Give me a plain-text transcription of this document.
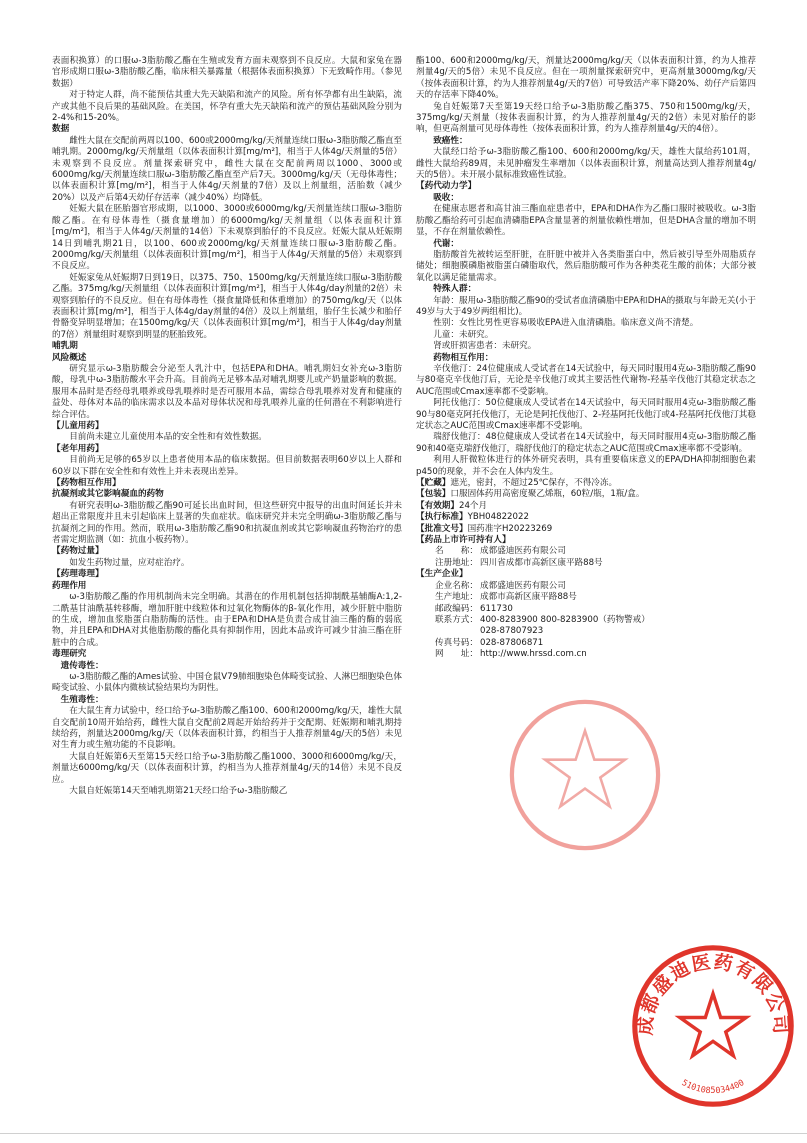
表面积换算）的口服ω-3脂肪酸乙酯在生殖或发育方面未观察到不良反应。大鼠和家兔在器官形成期口服ω-3脂肪酸乙酯，临床相关暴露量（根据体表面积换算）下无致畸作用。（参见数据）

对于特定人群，尚不能预估其重大先天缺陷和流产的风险。所有怀孕都有出生缺陷，流产或其他不良后果的基础风险。在美国，怀孕有重大先天缺陷和流产的预估基础风险分别为2-4%和15-20%。

数据

雌性大鼠在交配前两周以100、600或2000mg/kg/天剂量连续口服ω-3脂肪酸乙酯直至哺乳期。2000mg/kg/天剂量组（以体表面积计算[mg/m²]，相当于人体4g/天剂量的5倍）未观察到不良反应。剂量探索研究中，雌性大鼠在交配前两周以1000、3000或6000mg/kg/天剂量连续口服ω-3脂肪酸乙酯直至产后7天。3000mg/kg/天（无母体毒性；以体表面积计算[mg/m²]，相当于人体4g/天剂量的7倍）及以上剂量组，活胎数（减少20%）以及产后第4天幼仔存活率（减少40%）均降低。

妊娠大鼠在胚胎器官形成期，以1000、3000或6000mg/kg/天剂量连续口服ω-3脂肪酸乙酯。在有母体毒性（摄食量增加）的6000mg/kg/天剂量组（以体表面积计算[mg/m²]，相当于人体4g/天剂量的14倍）下未观察到胎仔的不良反应。妊娠大鼠从妊娠期14日到哺乳期21日，以100、600或2000mg/kg/天剂量连续口服ω-3脂肪酸乙酯。2000mg/kg/天剂量组（以体表面积计算[mg/m²]，相当于人体4g/天剂量的5倍）未观察到不良反应。

妊娠家兔从妊娠期7日到19日，以375、750、1500mg/kg/天剂量连续口服ω-3脂肪酸乙酯。375mg/kg/天剂量组（以体表面积计算[mg/m²]，相当于人体4g/day剂量的2倍）未观察到胎仔的不良反应。但在有母体毒性（摄食量降低和体重增加）的750mg/kg/天（以体表面积计算[mg/m²]，相当于人体4g/day剂量的4倍）及以上剂量组，胎仔生长减少和胎仔骨骼变异明显增加；在1500mg/kg/天（以体表面积计算[mg/m²]，相当于人体4g/day剂量的7倍）剂量组时观察到明显的胚胎致死。

哺乳期

风险概述

研究显示ω-3脂肪酸会分泌至人乳汁中，包括EPA和DHA。哺乳期妇女补充ω-3脂肪酸，母乳中ω-3脂肪酸水平会升高。目前尚无足够本品对哺乳期婴儿或产奶量影响的数据。服用本品时是否经母乳喂养或母乳喂养时是否可服用本品，需综合母乳喂养对发育和健康的益处、母体对本品的临床需求以及本品对母体状况和母乳喂养儿童的任何潜在不利影响进行综合评估。

【儿童用药】

目前尚未建立儿童使用本品的安全性和有效性数据。

【老年用药】

目前尚无足够的65岁以上患者使用本品的临床数据。但目前数据表明60岁以上人群和60岁以下群在安全性和有效性上并未表现出差异。

【药物相互作用】

抗凝剂或其它影响凝血的药物

有研究表明ω-3脂肪酸乙酯90可延长出血时间，但这些研究中报导的出血时间延长并未超出正常限度并且未引起临床上显著的失血症状。临床研究并未完全明确ω-3脂肪酸乙酯与抗凝剂之间的作用。然而，联用ω-3脂肪酸乙酯90和抗凝血剂或其它影响凝血药物治疗的患者需定期监测（如：抗血小板药物）。

【药物过量】

如发生药物过量，应对症治疗。

【药理毒理】

药理作用

ω-3脂肪酸乙酯的作用机制尚未完全明确。其潜在的作用机制包括抑制酰基辅酶A:1,2-二酰基甘油酰基转移酶，增加肝脏中线粒体和过氧化物酶体的β-氧化作用，减少肝脏中脂肪的生成，增加血浆脂蛋白脂肪酶的活性。由于EPA和DHA是负责合成甘油三酯的酶的弱底物，并且EPA和DHA对其他脂肪酸的酯化具有抑制作用，因此本品或许可减少甘油三酯在肝脏中的合成。

毒理研究

遗传毒性：

ω-3脂肪酸乙酯的Ames试验、中国仓鼠V79肺细胞染色体畸变试验、人淋巴细胞染色体畸变试验、小鼠体内微核试验结果均为阴性。

生殖毒性：

在大鼠生育力试验中，经口给予ω-3脂肪酸乙酯100、600和2000mg/kg/天，雄性大鼠自交配前10周开始给药，雌性大鼠自交配前2周起开始给药并于交配期、妊娠期和哺乳期持续给药，剂量达2000mg/kg/天（以体表面积计算，约相当于人推荐剂量4g/天的5倍）未见对生育力或生殖功能的不良影响。

大鼠自妊娠第6天至第15天经口给予ω-3脂肪酸乙酯1000、3000和6000mg/kg/天，剂量达6000mg/kg/天（以体表面积计算，约相当为人推荐剂量4g/天的14倍）未见不良反应。

大鼠自妊娠第14天至哺乳期第21天经口给予ω-3脂肪酸乙

酯100、600和2000mg/kg/天，剂量达2000mg/kg/天（以体表面积计算，约为人推荐剂量4g/天的5倍）未见不良反应。但在一项剂量探索研究中，更高剂量3000mg/kg/天（按体表面积计算，约为人推荐剂量4g/天的7倍）可导致活产率下降20%、幼仔产后第四天的存活率下降40%。

兔自妊娠第7天至第19天经口给予ω-3脂肪酸乙酯375、750和1500mg/kg/天，375mg/kg/天剂量（按体表面积计算，约为人推荐剂量4g/天的2倍）未见对胎仔的影响，但更高剂量可见母体毒性（按体表面积计算，约为人推荐剂量4g/天的4倍）。

致癌性：

大鼠经口给予ω-3脂肪酸乙酯100、600和2000mg/kg/天，雄性大鼠给药101周，雌性大鼠给药89周，未见肿瘤发生率增加（以体表面积计算，剂量高达到人推荐剂量4g/天的5倍）。未开展小鼠标准致癌性试验。

【药代动力学】

吸收：

在健康志愿者和高甘油三酯血症患者中，EPA和DHA作为乙酯口服时被吸收。ω-3脂肪酸乙酯给药可引起血清磷脂EPA含量显著的剂量依赖性增加，但是DHA含量的增加不明显，不存在剂量依赖性。

代谢：

脂肪酸首先被转运至肝脏，在肝脏中被并入各类脂蛋白中，然后被引导至外周脂质存储处；细胞膜磷脂被脂蛋白磷脂取代，然后脂肪酸可作为各种类花生酸的前体；大部分被氧化以满足能量需求。

特殊人群：

年龄：服用ω-3脂肪酸乙酯90的受试者血清磷脂中EPA和DHA的摄取与年龄无关(小于49岁与大于49岁两组相比)。

性别：女性比男性更容易吸收EPA进入血清磷脂。临床意义尚不清楚。

儿童：未研究。

肾或肝损害患者：未研究。

药物相互作用：

辛伐他汀：24位健康成人受试者在14天试验中，每天同时服用4克ω-3脂肪酸乙酯90与80毫克辛伐他汀后，无论是辛伐他汀或其主要活性代谢物-羟基辛伐他汀其稳定状态之AUC范围或Cmax速率都不受影响。

阿托伐他汀：50位健康成人受试者在14天试验中，每天同时服用4克ω-3脂肪酸乙酯90与80毫克阿托伐他汀，无论是阿托伐他汀、2-羟基阿托伐他汀或4-羟基阿托伐他汀其稳定状态之AUC范围或Cmax速率都不受影响。

瑞舒伐他汀：48位健康成人受试者在14天试验中，每天同时服用4克ω-3脂肪酸乙酯90和40毫克瑞舒伐他汀，瑞舒伐他汀的稳定状态之AUC范围或Cmax速率都不受影响。

利用人肝微粒体进行的体外研究表明，具有重要临床意义的EPA/DHA抑制细胞色素p450的现象，并不会在人体内发生。

【贮藏】遮光，密封，不超过25℃保存，不得冷冻。

【包装】口服固体药用高密度聚乙烯瓶，60粒/瓶，1瓶/盒。

【有效期】24个月

【执行标准】YBH04822022

【批准文号】国药准字H20223269

【药品上市许可持有人】

名　　称： 成都盛迪医药有限公司
注册地址： 四川省成都市高新区康平路88号

【生产企业】

企业名称： 成都盛迪医药有限公司
生产地址： 成都市高新区康平路88号
邮政编码： 611730
联系方式： 400-8283900 800-8283900（药物警戒）
028-87807923
传真号码： 028-87806871
网　　址： http://www.hrssd.com.cn
成都盛迪医药有限公司
5101085034400
